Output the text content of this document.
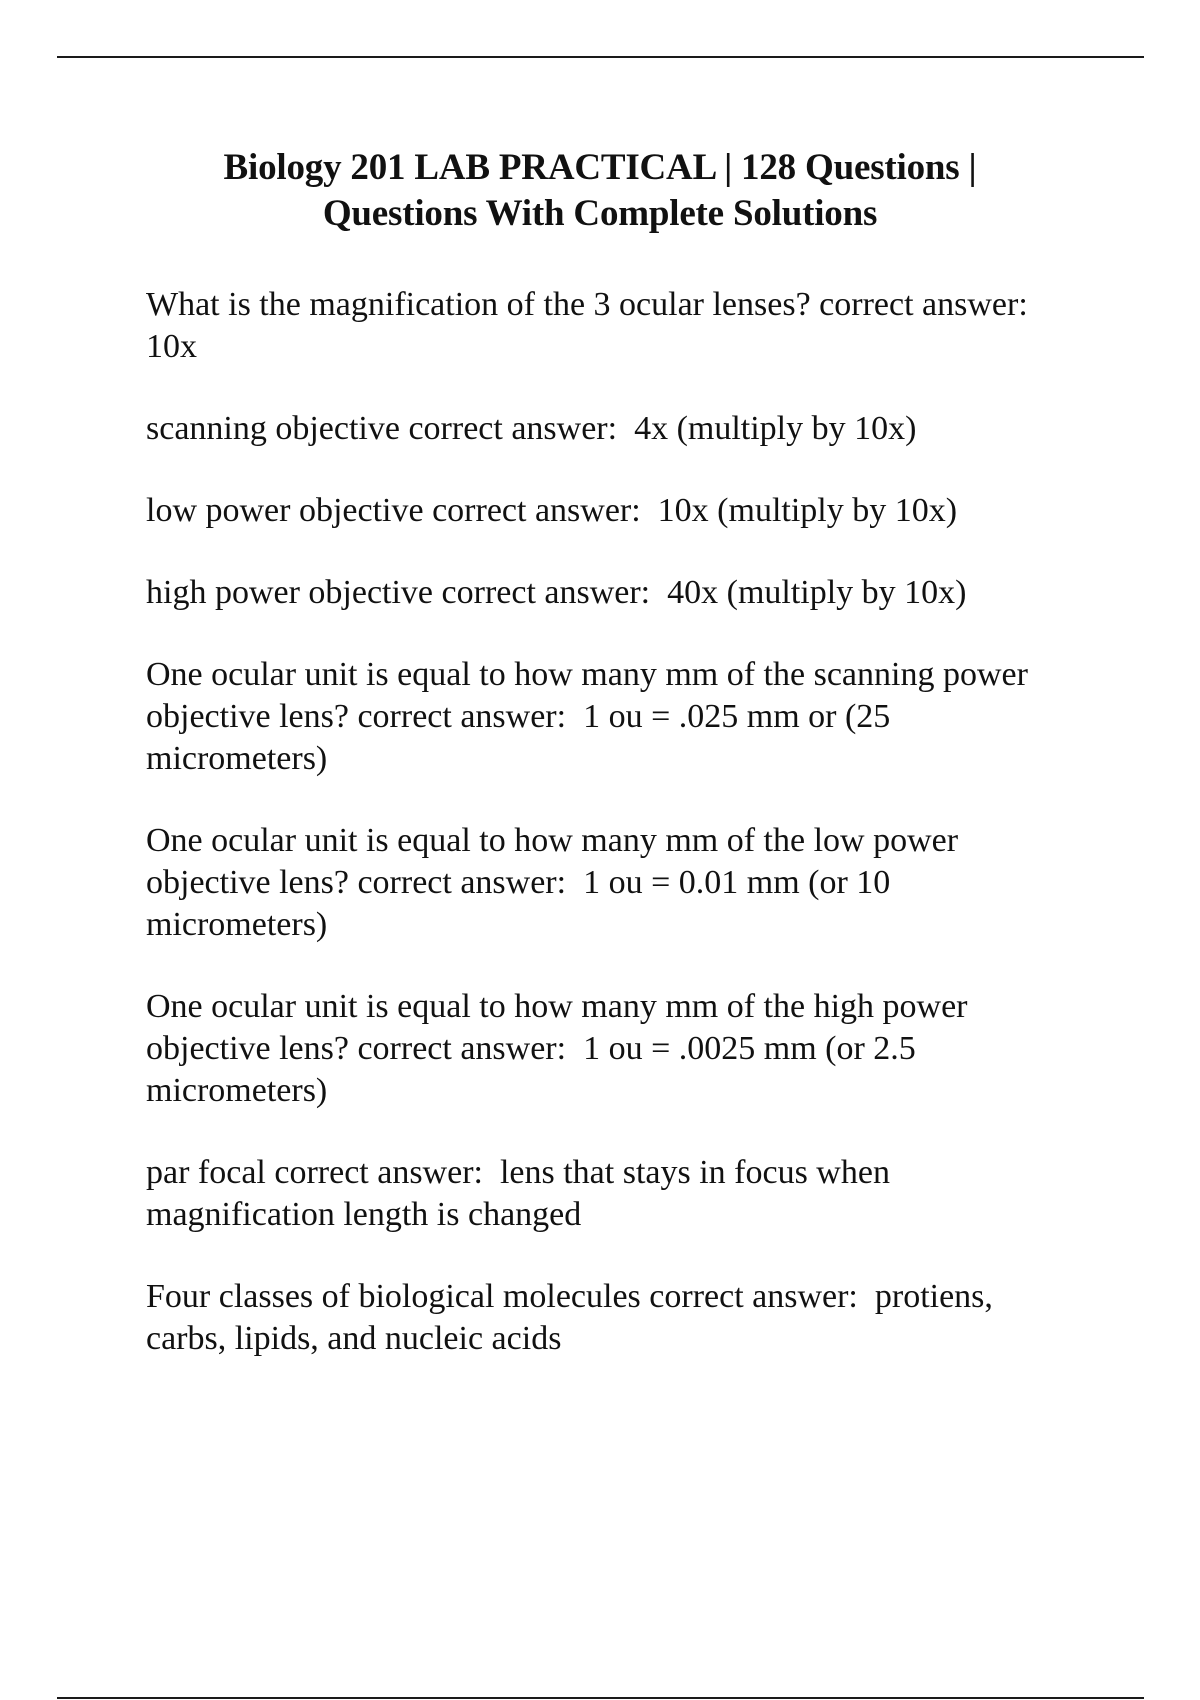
Biology 201 LAB PRACTICAL | 128 Questions |
Questions With Complete Solutions
What is the magnification of the 3 ocular lenses? correct answer:
10x
scanning objective correct answer:  4x (multiply by 10x)
low power objective correct answer:  10x (multiply by 10x)
high power objective correct answer:  40x (multiply by 10x)
One ocular unit is equal to how many mm of the scanning power
objective lens? correct answer:  1 ou = .025 mm or (25
micrometers)
One ocular unit is equal to how many mm of the low power
objective lens? correct answer:  1 ou = 0.01 mm (or 10
micrometers)
One ocular unit is equal to how many mm of the high power
objective lens? correct answer:  1 ou = .0025 mm (or 2.5
micrometers)
par focal correct answer:  lens that stays in focus when
magnification length is changed
Four classes of biological molecules correct answer:  protiens,
carbs, lipids, and nucleic acids
